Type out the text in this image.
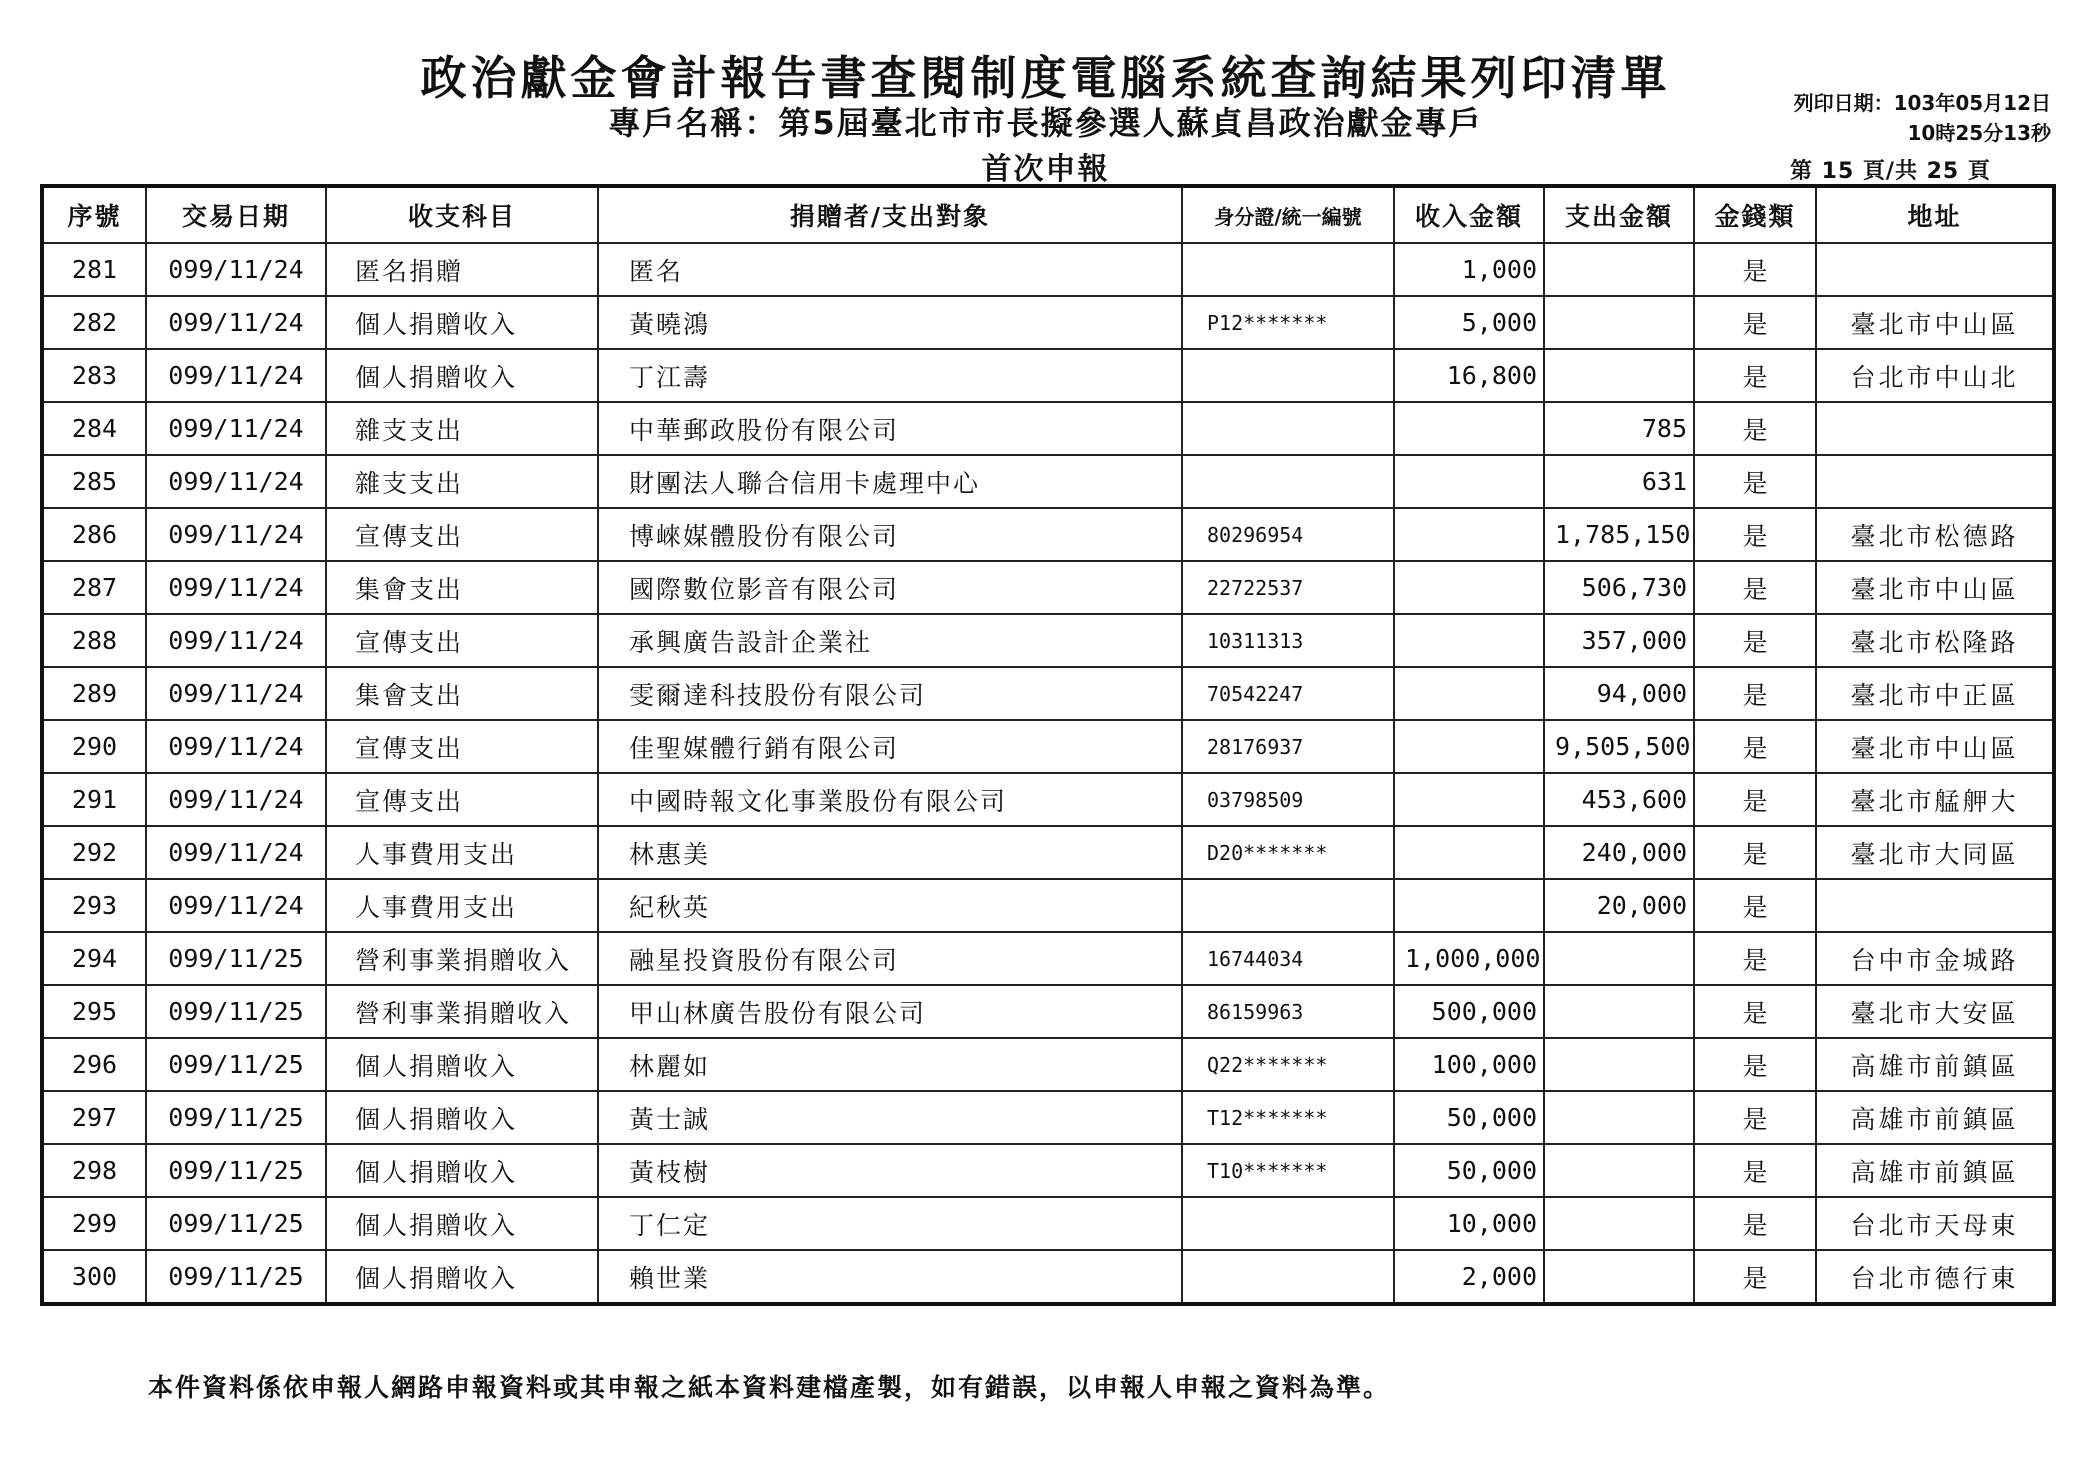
政治獻金會計報告書查閱制度電腦系統查詢結果列印清單
專戶名稱：第5屆臺北市市長擬參選人蘇貞昌政治獻金專戶
首次申報
列印日期：103年05月12日
10時25分13秒
第 15 頁/共 25 頁
序號	交易日期	收支科目	捐贈者/支出對象	身分證/統一編號	收入金額	支出金額	金錢類	地址
281	099/11/24	匿名捐贈	匿名		1,000		是	
282	099/11/24	個人捐贈收入	黃曉鴻	P12*******	5,000		是	臺北市中山區
283	099/11/24	個人捐贈收入	丁江壽		16,800		是	台北市中山北
284	099/11/24	雜支支出	中華郵政股份有限公司			785	是	
285	099/11/24	雜支支出	財團法人聯合信用卡處理中心			631	是	
286	099/11/24	宣傳支出	博崍媒體股份有限公司	80296954		1,785,150	是	臺北市松德路
287	099/11/24	集會支出	國際數位影音有限公司	22722537		506,730	是	臺北市中山區
288	099/11/24	宣傳支出	承興廣告設計企業社	10311313		357,000	是	臺北市松隆路
289	099/11/24	集會支出	雯爾達科技股份有限公司	70542247		94,000	是	臺北市中正區
290	099/11/24	宣傳支出	佳聖媒體行銷有限公司	28176937		9,505,500	是	臺北市中山區
291	099/11/24	宣傳支出	中國時報文化事業股份有限公司	03798509		453,600	是	臺北市艋舺大
292	099/11/24	人事費用支出	林惠美	D20*******		240,000	是	臺北市大同區
293	099/11/24	人事費用支出	紀秋英			20,000	是	
294	099/11/25	營利事業捐贈收入	融星投資股份有限公司	16744034	1,000,000		是	台中市金城路
295	099/11/25	營利事業捐贈收入	甲山林廣告股份有限公司	86159963	500,000		是	臺北市大安區
296	099/11/25	個人捐贈收入	林麗如	Q22*******	100,000		是	高雄市前鎮區
297	099/11/25	個人捐贈收入	黃士誠	T12*******	50,000		是	高雄市前鎮區
298	099/11/25	個人捐贈收入	黃枝樹	T10*******	50,000		是	高雄市前鎮區
299	099/11/25	個人捐贈收入	丁仁定		10,000		是	台北市天母東
300	099/11/25	個人捐贈收入	賴世業		2,000		是	台北市德行東
本件資料係依申報人網路申報資料或其申報之紙本資料建檔產製，如有錯誤，以申報人申報之資料為準。
